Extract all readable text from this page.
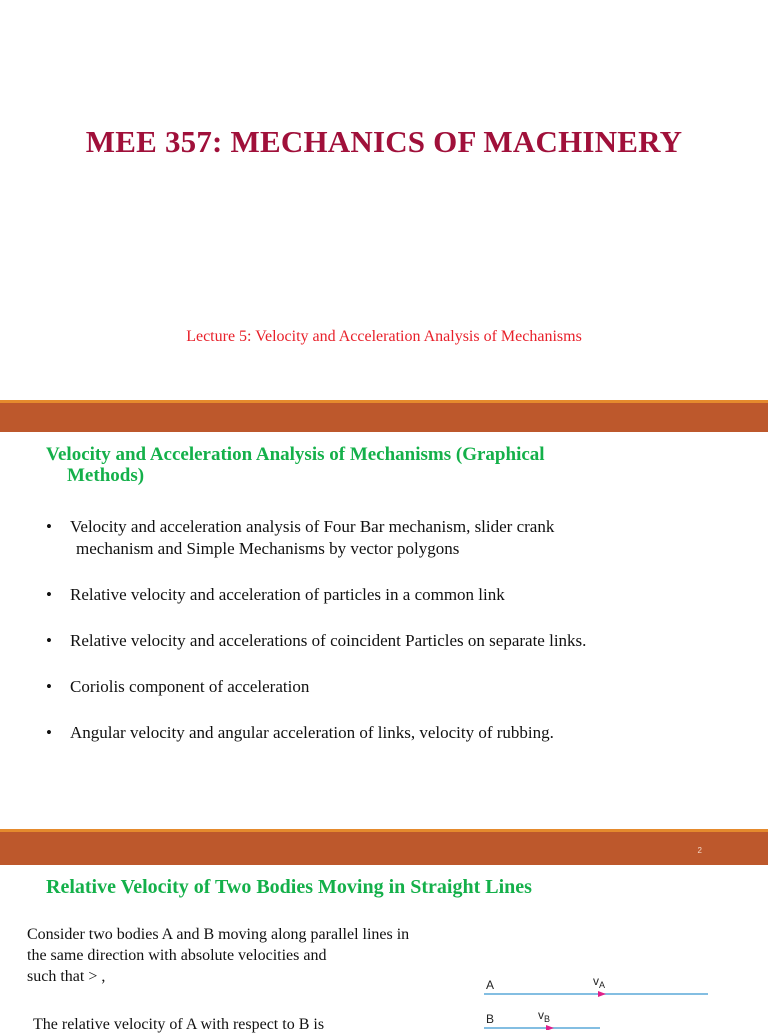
MEE 357: MECHANICS OF MACHINERY
Lecture 5: Velocity and Acceleration Analysis of Mechanisms
Velocity and Acceleration Analysis of Mechanisms (Graphical
Methods)
• Velocity and acceleration analysis of Four Bar mechanism, slider crank
mechanism and Simple Mechanisms by vector polygons
• Relative velocity and acceleration of particles in a common link
• Relative velocity and accelerations of coincident Particles on separate links.
• Coriolis component of acceleration
• Angular velocity and angular acceleration of links, velocity of rubbing.
2
Relative Velocity of Two Bodies Moving in Straight Lines
Consider two bodies A and B moving along parallel lines in
the same direction with absolute velocities and
such that > ,
The relative velocity of A with respect to B is
A	$v_A$
B	$v_B$
